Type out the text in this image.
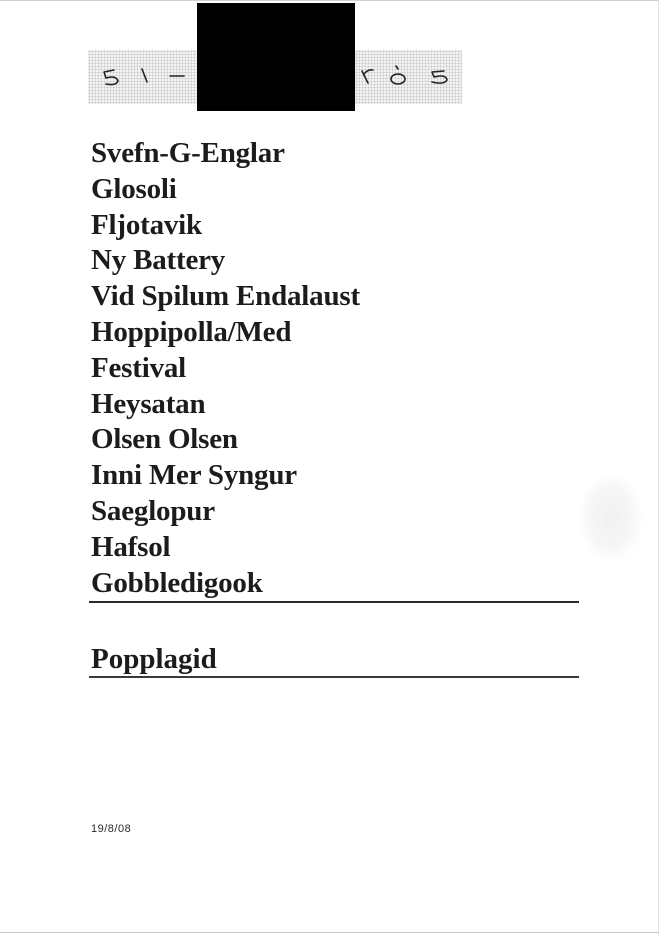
Svefn-G-Englar
Glosoli
Fljotavik
Ny Battery
Vid Spilum Endalaust
Hoppipolla/Med
Festival
Heysatan
Olsen Olsen
Inni Mer Syngur
Saeglopur
Hafsol
Gobbledigook
Popplagid
19/8/08
